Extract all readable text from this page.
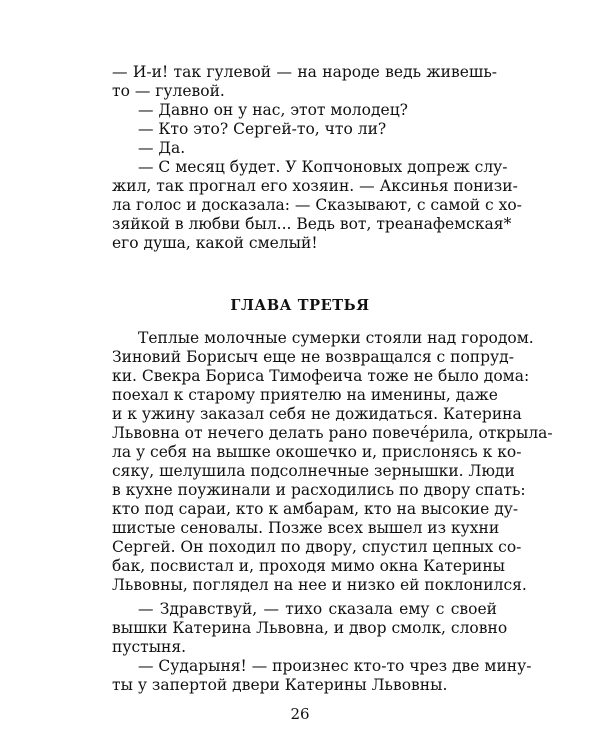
— И-и! так гулевой — на народе ведь живешь-
то — гулевой.
— Давно он у нас, этот молодец?
— Кто это? Сергей-то, что ли?
— Да.
— С месяц будет. У Копчоновых допреж слу-
жил, так прогнал его хозяин. — Аксинья понизи-
ла голос и досказала: — Сказывают, с самой с хо-
зяйкой в любви был... Ведь вот, треанафемская*
его душа, какой смелый!
ГЛАВА ТРЕТЬЯ
Теплые молочные сумерки стояли над городом.
Зиновий Борисыч еще не возвращался с попруд-
ки. Свекра Бориса Тимофеича тоже не было дома:
поехал к старому приятелю на именины, даже
и к ужину заказал себя не дожидаться. Катерина
Львовна от нечего делать рано повечéрила, открыла-
ла у себя на вышке окошечко и, прислонясь к ко-
сяку, шелушила подсолнечные зернышки. Люди
в кухне поужинали и расходились по двору спать:
кто под сараи, кто к амбарам, кто на высокие ду-
шистые сеновалы. Позже всех вышел из кухни
Сергей. Он походил по двору, спустил цепных со-
бак, посвистал и, проходя мимо окна Катерины
Львовны, поглядел на нее и низко ей поклонился.
— Здравствуй, — тихо сказала ему с своей
вышки Катерина Львовна, и двор смолк, словно
пустыня.
— Сударыня! — произнес кто-то чрез две мину-
ты у запертой двери Катерины Львовны.
26
